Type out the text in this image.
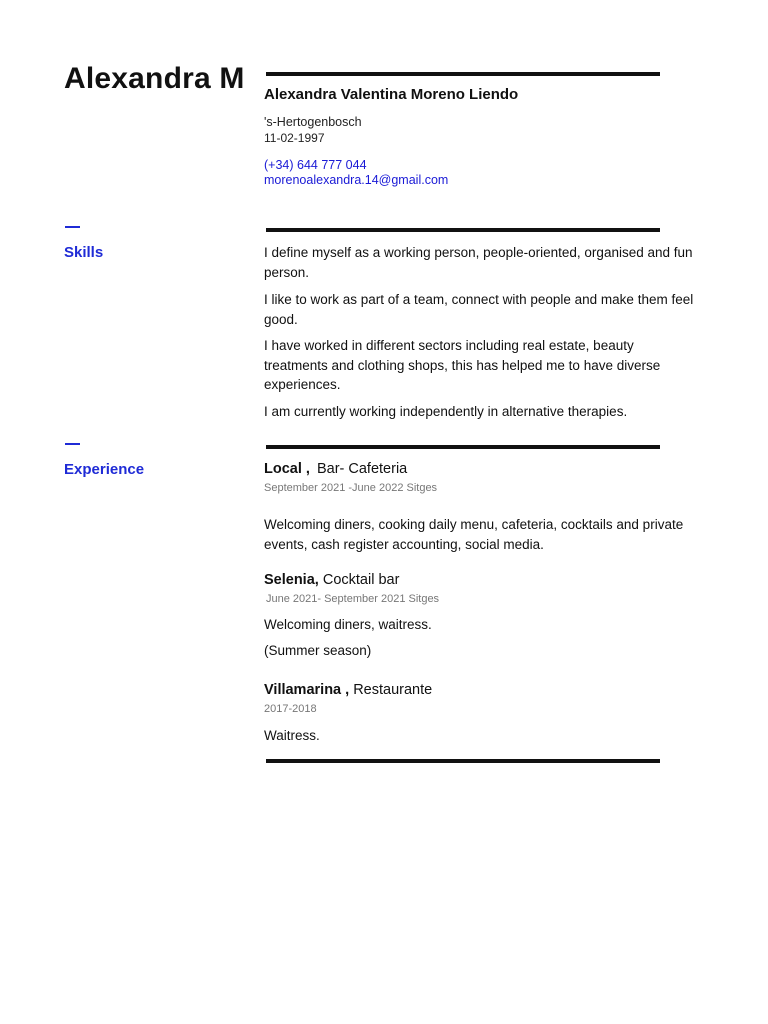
Alexandra M Alexandra Valentina Moreno Liendo
's-Hertogenbosch
11-02-1997
(+34) 644 777 044
morenoalexandra.14@gmail.com
Skills	I define myself as a working person, people-oriented, organised and fun person.

I like to work as part of a team, connect with people and make them feel good.

I have worked in different sectors including real estate, beauty treatments and clothing shops, this has helped me to have diverse experiences.

I am currently working independently in alternative therapies.

Experience	Local , Bar- Cafeteria
September 2021 -June 2022 Sitges

Welcoming diners, cooking daily menu, cafeteria, cocktails and private events, cash register accounting, social media.

Selenia, Cocktail bar
June 2021- September 2021 Sitges

Welcoming diners, waitress.

(Summer season)

Villamarina , Restaurante
2017-2018

Waitress.
